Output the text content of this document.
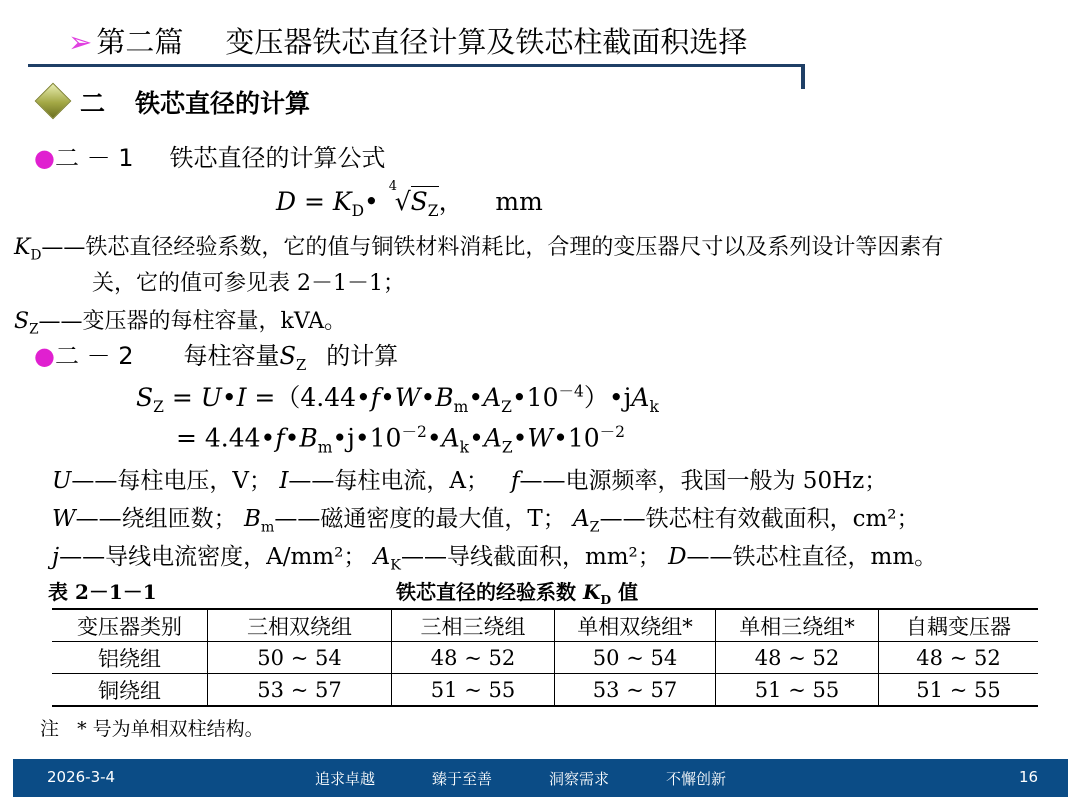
➢ 第二篇 变压器铁芯直径计算及铁芯柱截面积选择
二 铁芯直径的计算
●二 － 1 铁芯直径的计算公式
$D = K_D•$
4
$√S_Z$，    mm
$K_D——$铁芯直径经验系数，它的值与铜铁材料消耗比，合理的变压器尺寸以及系列设计等因素有
关，它的值可参见表 2－1－1；
$S_Z——$变压器的每柱容量，kVA。
●二 － 2 每柱容量$S_Z$ 的计算
$S_Z$ = U•I $=(4.44•f•W•B_m•A_Z•10^{-4})•jA_k$
= $4.44•f•B_m•j•10^{-2}•A_k•A_Z•W•10^{-2}$
U——每柱电压，V； I——每柱电流，A； f——电源频率，我国一般为 50Hz；
W——绕组匝数； $B_m——$磁通密度的最大值，T； $A_Z——$铁芯柱有效截面积，cm²；
j——导线电流密度，A/mm²； $A_K——$导线截面积，mm²； D——铁芯柱直径，mm。
表 2－1－1	铁芯直径的经验系数 $K_D$ 值
变压器类别	三相双绕组	三相三绕组	单相双绕组*	单相三绕组*	自耦变压器
铝绕组	50 ~ 54	48 ~ 52	50 ~ 54	48 ~ 52	48 ~ 52
铜绕组	53 ~ 57	51 ~ 55	53 ~ 57	51 ~ 55	51 ~ 55
注 * 号为单相双柱结构。
2026-3-4	追求卓越	臻于至善	洞察需求	不懈创新	16
